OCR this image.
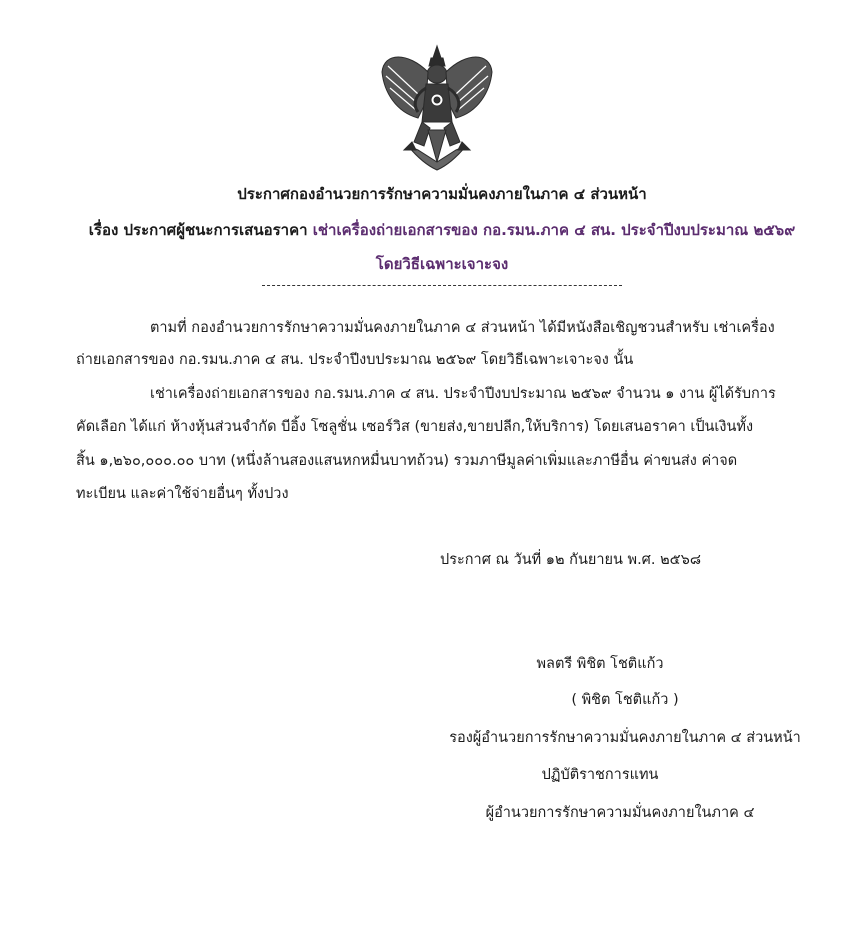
ประกาศกองอำนวยการรักษาความมั่นคงภายในภาค ๔ ส่วนหน้า
เรื่อง ประกาศผู้ชนะการเสนอราคา เช่าเครื่องถ่ายเอกสารของ กอ.รมน.ภาค ๔ สน. ประจำปีงบประมาณ ๒๕๖๙
โดยวิธีเฉพาะเจาะจง
ตามที่ กองอำนวยการรักษาความมั่นคงภายในภาค ๔ ส่วนหน้า ได้มีหนังสือเชิญชวนสำหรับ เช่าเครื่อง
ถ่ายเอกสารของ กอ.รมน.ภาค ๔ สน. ประจำปีงบประมาณ ๒๕๖๙ โดยวิธีเฉพาะเจาะจง นั้น
เช่าเครื่องถ่ายเอกสารของ กอ.รมน.ภาค ๔ สน. ประจำปีงบประมาณ ๒๕๖๙ จำนวน ๑ งาน ผู้ได้รับการ
คัดเลือก ได้แก่ ห้างหุ้นส่วนจำกัด บีอิ้ง โซลูชั่น เซอร์วิส (ขายส่ง,ขายปลีก,ให้บริการ) โดยเสนอราคา เป็นเงินทั้ง
สิ้น ๑,๒๖๐,๐๐๐.๐๐ บาท (หนึ่งล้านสองแสนหกหมื่นบาทถ้วน) รวมภาษีมูลค่าเพิ่มและภาษีอื่น ค่าขนส่ง ค่าจด
ทะเบียน และค่าใช้จ่ายอื่นๆ ทั้งปวง
ประกาศ ณ วันที่ ๑๒ กันยายน พ.ศ. ๒๕๖๘
พลตรี พิชิต โชติแก้ว
( พิชิต โชติแก้ว )
รองผู้อำนวยการรักษาความมั่นคงภายในภาค ๔ ส่วนหน้า
ปฏิบัติราชการแทน
ผู้อำนวยการรักษาความมั่นคงภายในภาค ๔
